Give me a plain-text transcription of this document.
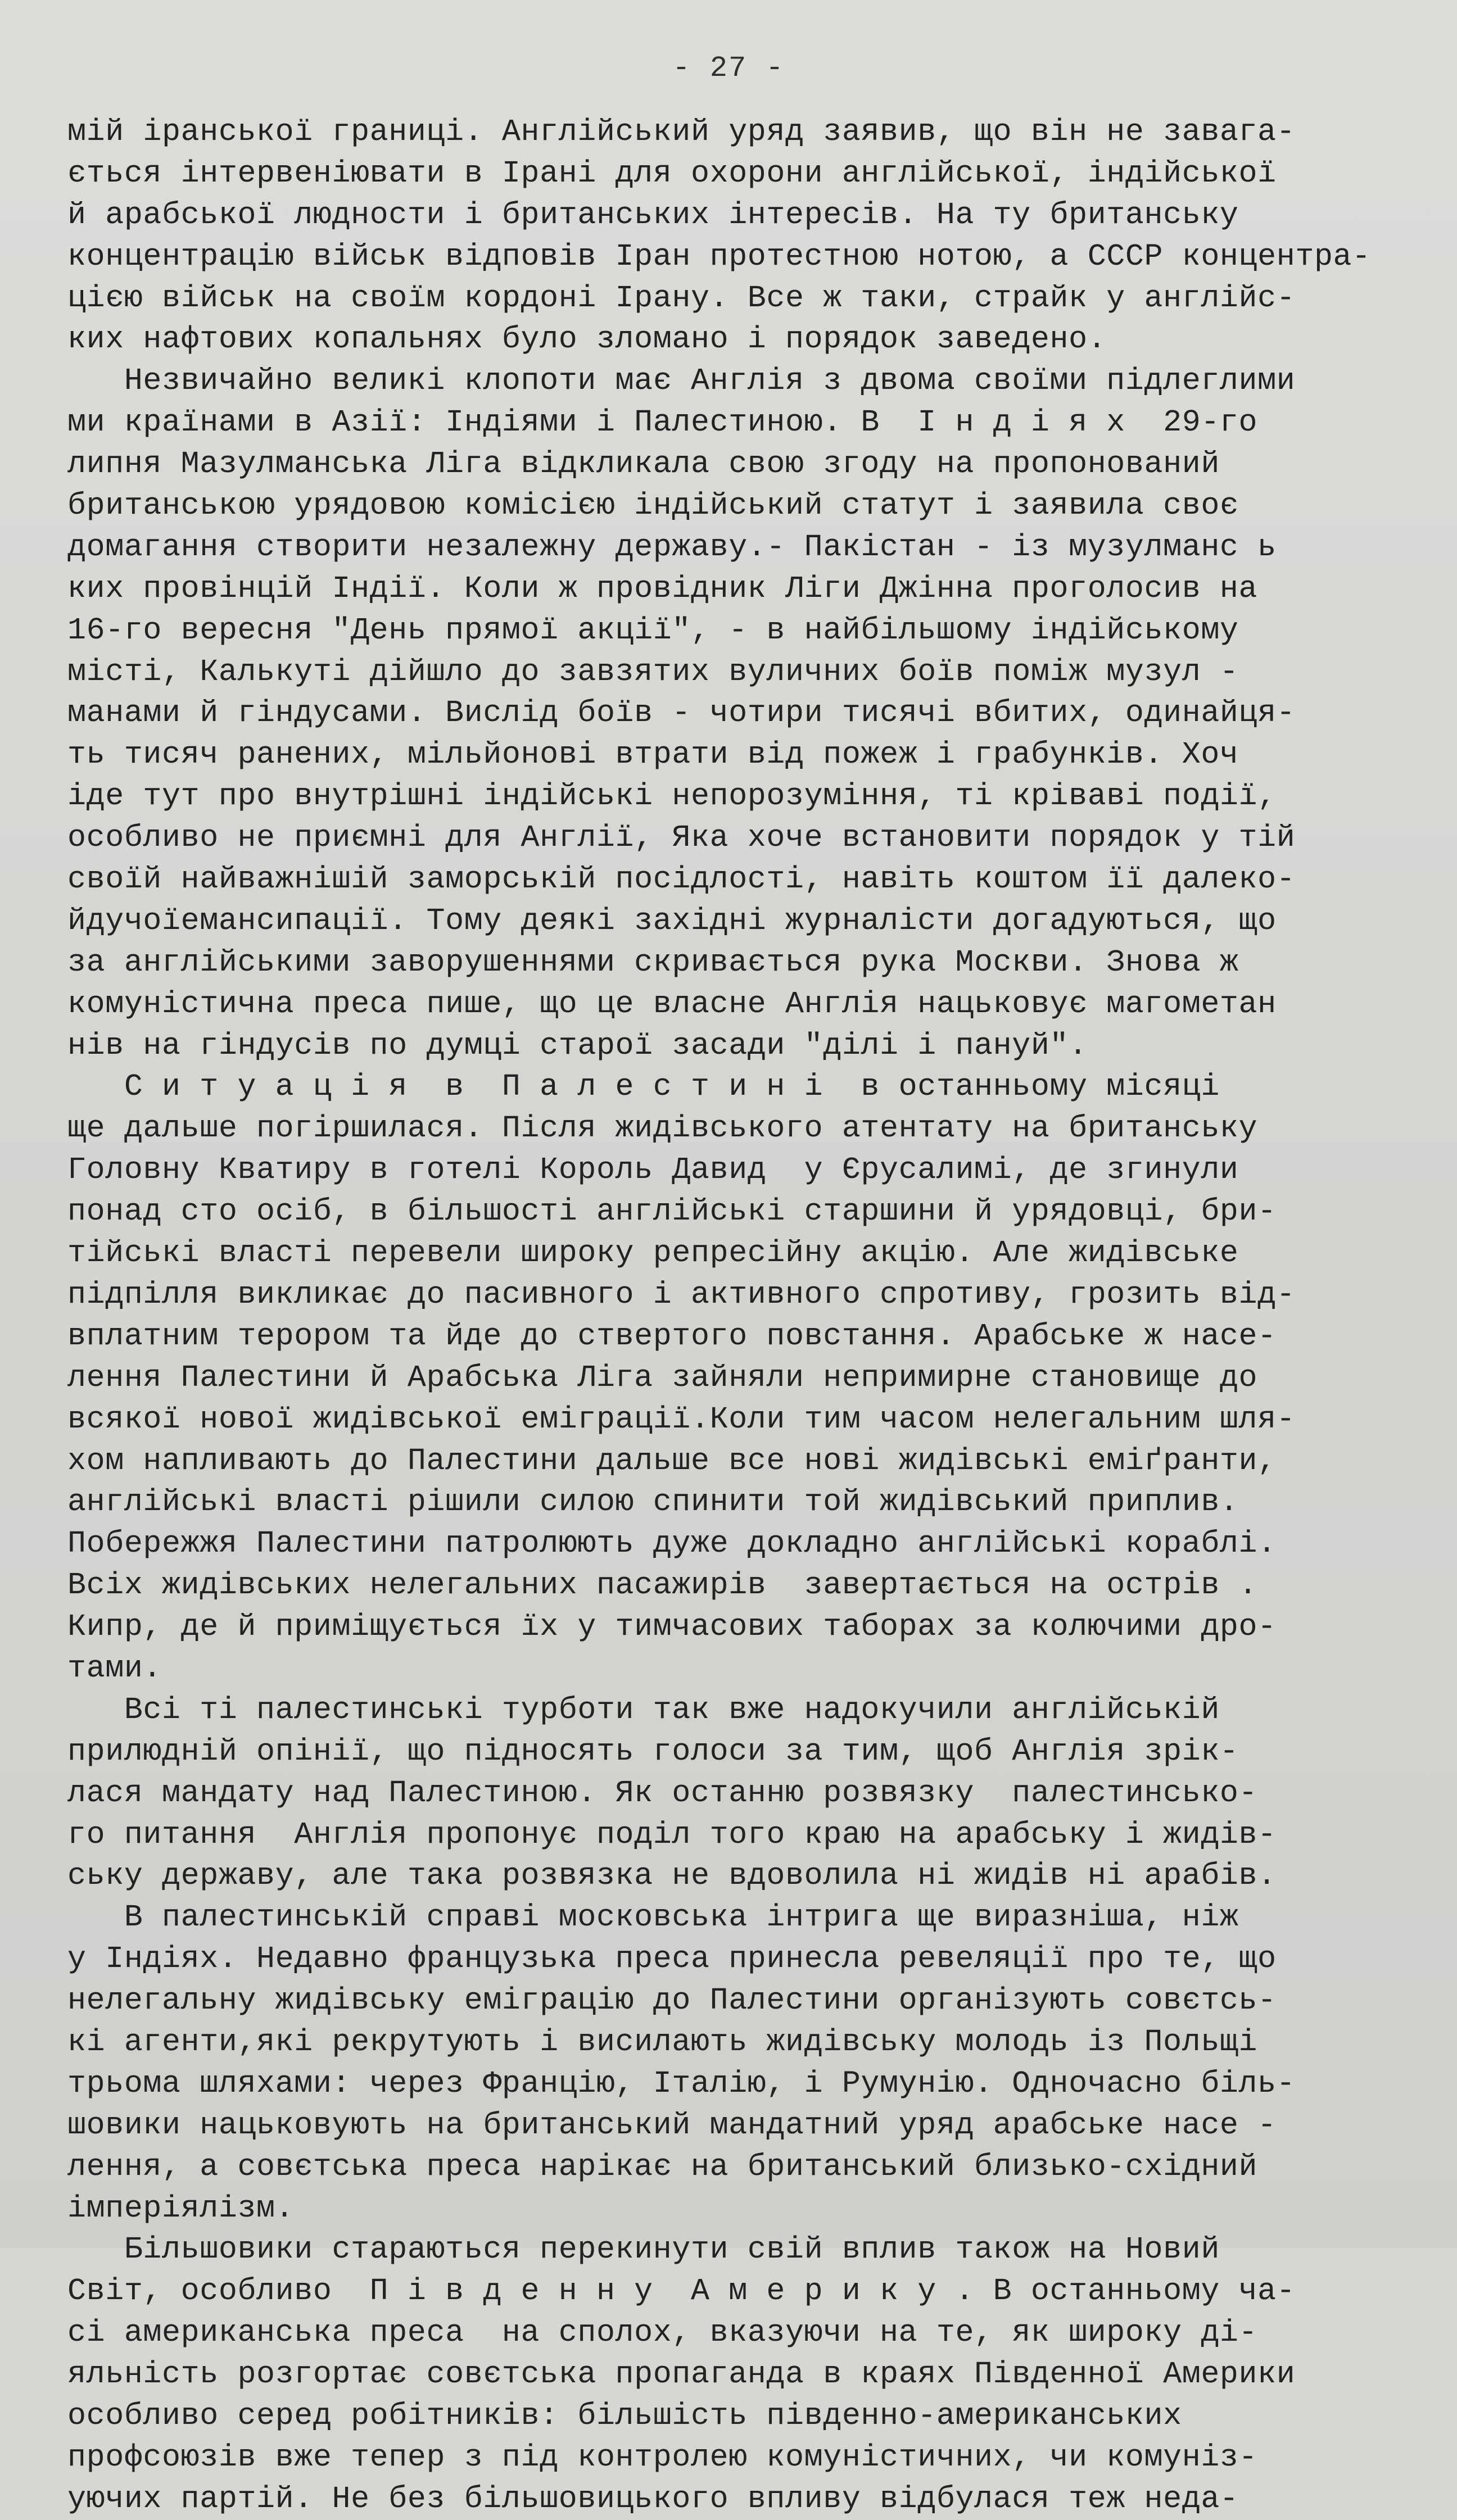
- 27 -
мій іранської границі. Англійський уряд заявив, що він не завага-
ється інтервеніювати в Ірані для охорони англійської, індійської
й арабської людности і британських інтересів. На ту британську
концентрацію військ відповів Іран протестною нотою, а СССР концентра-
цією військ на своїм кордоні Ірану. Все ж таки, страйк у англійс-
ких нафтових копальнях було зломано і порядок заведено.
Незвичайно великі клопоти має Англія з двома своїми підлеглими
ми країнами в Азії: Індіями і Палестиною. В  І н д і я х  29-го
липня Мазулманська Ліга відкликала свою згоду на пропонований
британською урядовою комісією індійський статут і заявила своє
домагання створити незалежну державу.- Пакістан - із музулманс ь
ких провінцій Індії. Коли ж провідник Ліги Джінна проголосив на
16-го вересня "День прямої акції", - в найбільшому індійському
місті, Калькуті дійшло до завзятих вуличних боїв поміж музул -
манами й гіндусами. Вислід боїв - чотири тисячі вбитих, одинайця-
ть тисяч ранених, мільйонові втрати від пожеж і грабунків. Хоч
іде тут про внутрішні індійські непорозуміння, ті кріваві події,
особливо не приємні для Англії, Яка хоче встановити порядок у тій
своїй найважнішій заморській посідлості, навіть коштом її далеко-
йдучоїемансипації. Тому деякі західні журналісти догадуються, що
за англійськими заворушеннями скривається рука Москви. Знова ж
комуністична преса пише, що це власне Англія нацьковує магометан
нів на гіндусів по думці старої засади "ділі і пануй".
С и т у а ц і я  в  П а л е с т и н і  в останньому місяці
ще дальше погіршилася. Після жидівського атентату на британську
Головну Кватиру в готелі Король Давид  у Єрусалимі, де згинули
понад сто осіб, в більшості англійські старшини й урядовці, бри-
тійські власті перевели широку репресійну акцію. Але жидівське
підпілля викликає до пасивного і активного спротиву, грозить від-
вплатним терором та йде до ствертого повстання. Арабське ж насе-
лення Палестини й Арабська Ліга зайняли непримирне становище до
всякої нової жидівської еміграції.Коли тим часом нелегальним шля-
хом напливають до Палестини дальше все нові жидівські еміґранти,
англійські власті рішили силою спинити той жидівський приплив.
Побережжя Палестини патролюють дуже докладно англійські кораблі.
Всіх жидівських нелегальних пасажирів  завертається на острів .
Кипр, де й приміщується їх у тимчасових таборах за колючими дро-
тами.
Всі ті палестинські турботи так вже надокучили англійській
прилюдній опінії, що підносять голоси за тим, щоб Англія зрік-
лася мандату над Палестиною. Як останню розвязку  палестинсько-
го питання  Англія пропонує поділ того краю на арабську і жидів-
ську державу, але така розвязка не вдоволила ні жидів ні арабів.
В палестинській справі московська інтрига ще виразніша, ніж
у Індіях. Недавно французька преса принесла ревеляції про те, що
нелегальну жидівську еміграцію до Палестини організують совєтсь-
кі агенти,які рекрутують і висилають жидівську молодь із Польщі
трьома шляхами: через Францію, Італію, і Румунію. Одночасно біль-
шовики нацьковують на британський мандатний уряд арабське насе -
лення, а совєтська преса нарікає на британський близько-східний
імперіялізм.
Більшовики стараються перекинути свій вплив також на Новий
Світ, особливо  П і в д е н н у  А м е р и к у . В останньому ча-
сі американська преса  на сполох, вказуючи на те, як широку ді-
яльність розгортає совєтська пропаганда в краях Південної Америки
особливо серед робітників: більшість південно-американських
профсоюзів вже тепер з під контролею комуністичних, чи комуніз-
уючих партій. Не без більшовицького впливу відбулася теж неда-
